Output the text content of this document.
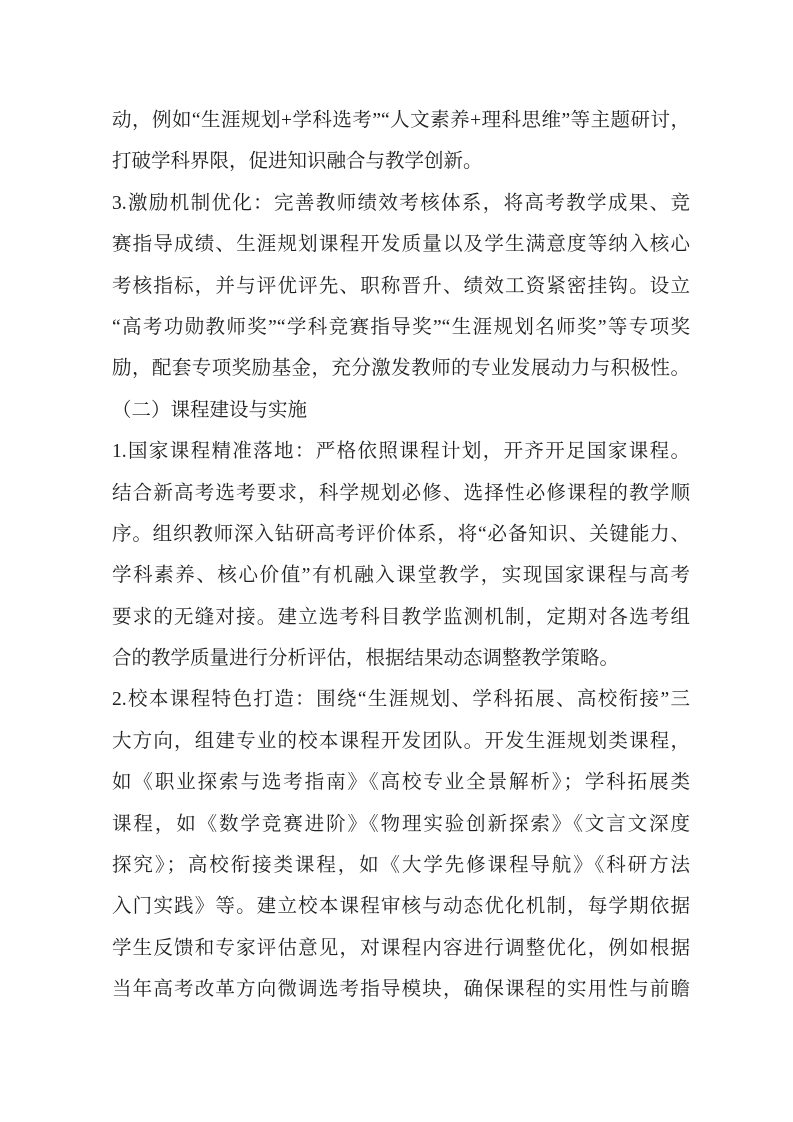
动，例如“生涯规划+学科选考”“人文素养+理科思维”等主题研讨，
打破学科界限，促进知识融合与教学创新。
3.激励机制优化：完善教师绩效考核体系，将高考教学成果、竞
赛指导成绩、生涯规划课程开发质量以及学生满意度等纳入核心
考核指标，并与评优评先、职称晋升、绩效工资紧密挂钩。设立
“高考功勋教师奖”“学科竞赛指导奖”“生涯规划名师奖”等专项奖
励，配套专项奖励基金，充分激发教师的专业发展动力与积极性。
（二）课程建设与实施
1.国家课程精准落地：严格依照课程计划，开齐开足国家课程。
结合新高考选考要求，科学规划必修、选择性必修课程的教学顺
序。组织教师深入钻研高考评价体系，将“必备知识、关键能力、
学科素养、核心价值”有机融入课堂教学，实现国家课程与高考
要求的无缝对接。建立选考科目教学监测机制，定期对各选考组
合的教学质量进行分析评估，根据结果动态调整教学策略。
2.校本课程特色打造：围绕“生涯规划、学科拓展、高校衔接”三
大方向，组建专业的校本课程开发团队。开发生涯规划类课程，
如《职业探索与选考指南》《高校专业全景解析》；学科拓展类
课程，如《数学竞赛进阶》《物理实验创新探索》《文言文深度
探究》；高校衔接类课程，如《大学先修课程导航》《科研方法
入门实践》等。建立校本课程审核与动态优化机制，每学期依据
学生反馈和专家评估意见，对课程内容进行调整优化，例如根据
当年高考改革方向微调选考指导模块，确保课程的实用性与前瞻
